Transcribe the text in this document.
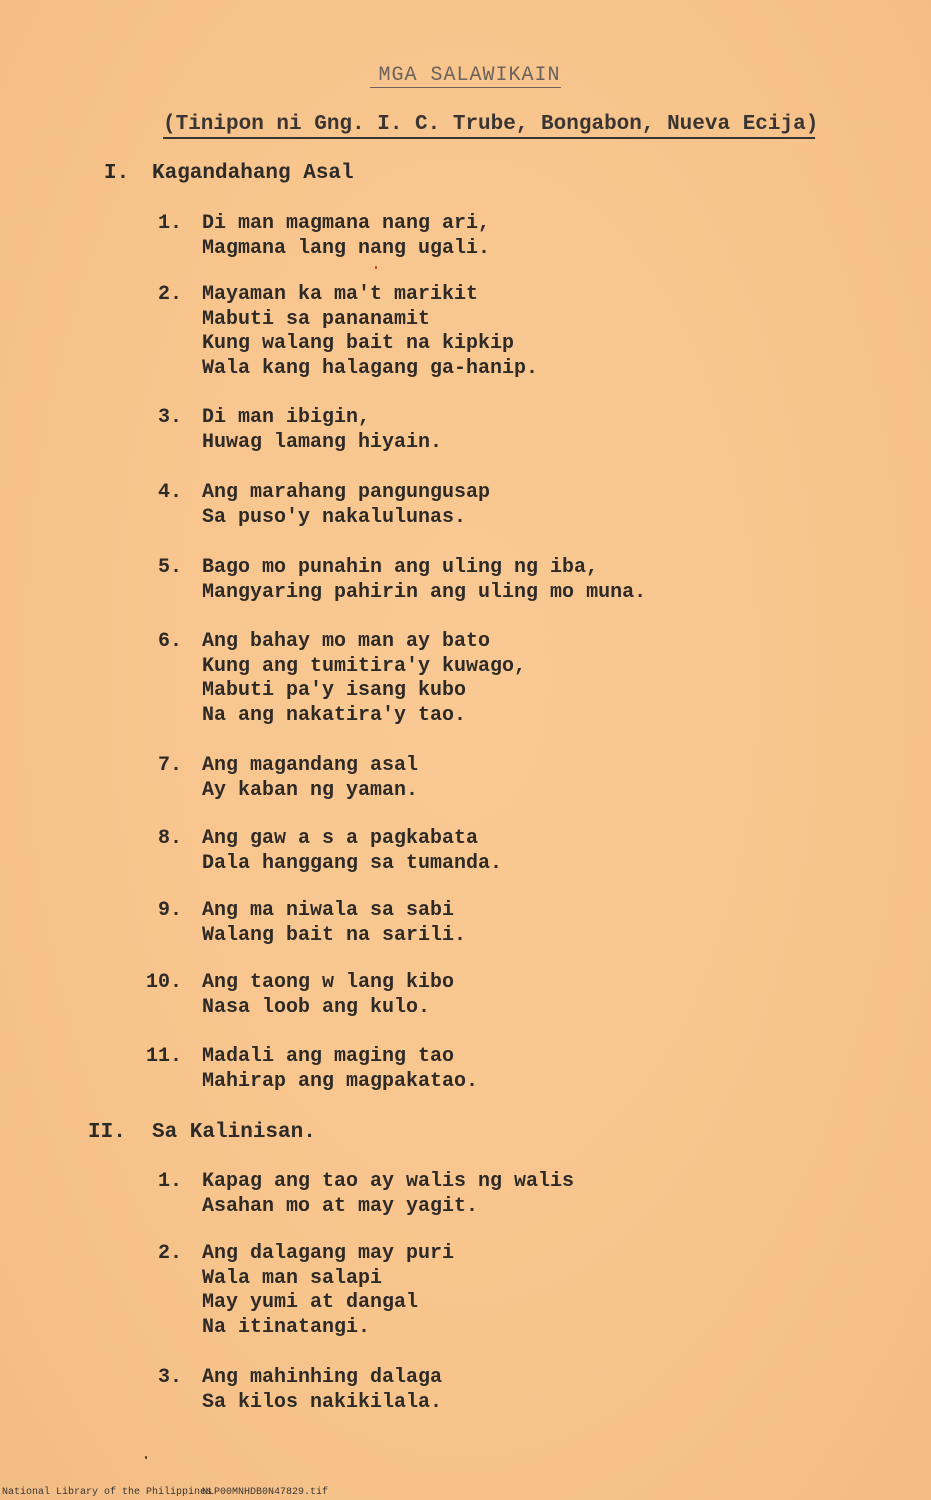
MGA SALAWIKAIN
(Tinipon ni Gng. I. C. Trube, Bongabon, Nueva Ecija)
I. Kagandahang Asal
1. Di man magmana nang ari,
Magmana lang nang ugali.
2. Mayaman ka ma't marikit
Mabuti sa pananamit
Kung walang bait na kipkip
Wala kang halagang ga-hanip.
3. Di man ibigin,
Huwag lamang hiyain.
4. Ang marahang pangungusap
Sa puso'y nakalulunas.
5. Bago mo punahin ang uling ng iba,
Mangyaring pahirin ang uling mo muna.
6. Ang bahay mo man ay bato
Kung ang tumitira'y kuwago,
Mabuti pa'y isang kubo
Na ang nakatira'y tao.
7. Ang magandang asal
Ay kaban ng yaman.
8. Ang gaw a s a pagkabata
Dala hanggang sa tumanda.
9. Ang ma niwala sa sabi
Walang bait na sarili.
10. Ang taong w lang kibo
Nasa loob ang kulo.
11. Madali ang maging tao
Mahirap ang magpakatao.
II. Sa Kalinisan.
1. Kapag ang tao ay walis ng walis
Asahan mo at may yagit.
2. Ang dalagang may puri
Wala man salapi
May yumi at dangal
Na itinatangi.
3. Ang mahinhing dalaga
Sa kilos nakikilala.
National Library of the Philippines
NLP00MNHDB0N47829.tif
